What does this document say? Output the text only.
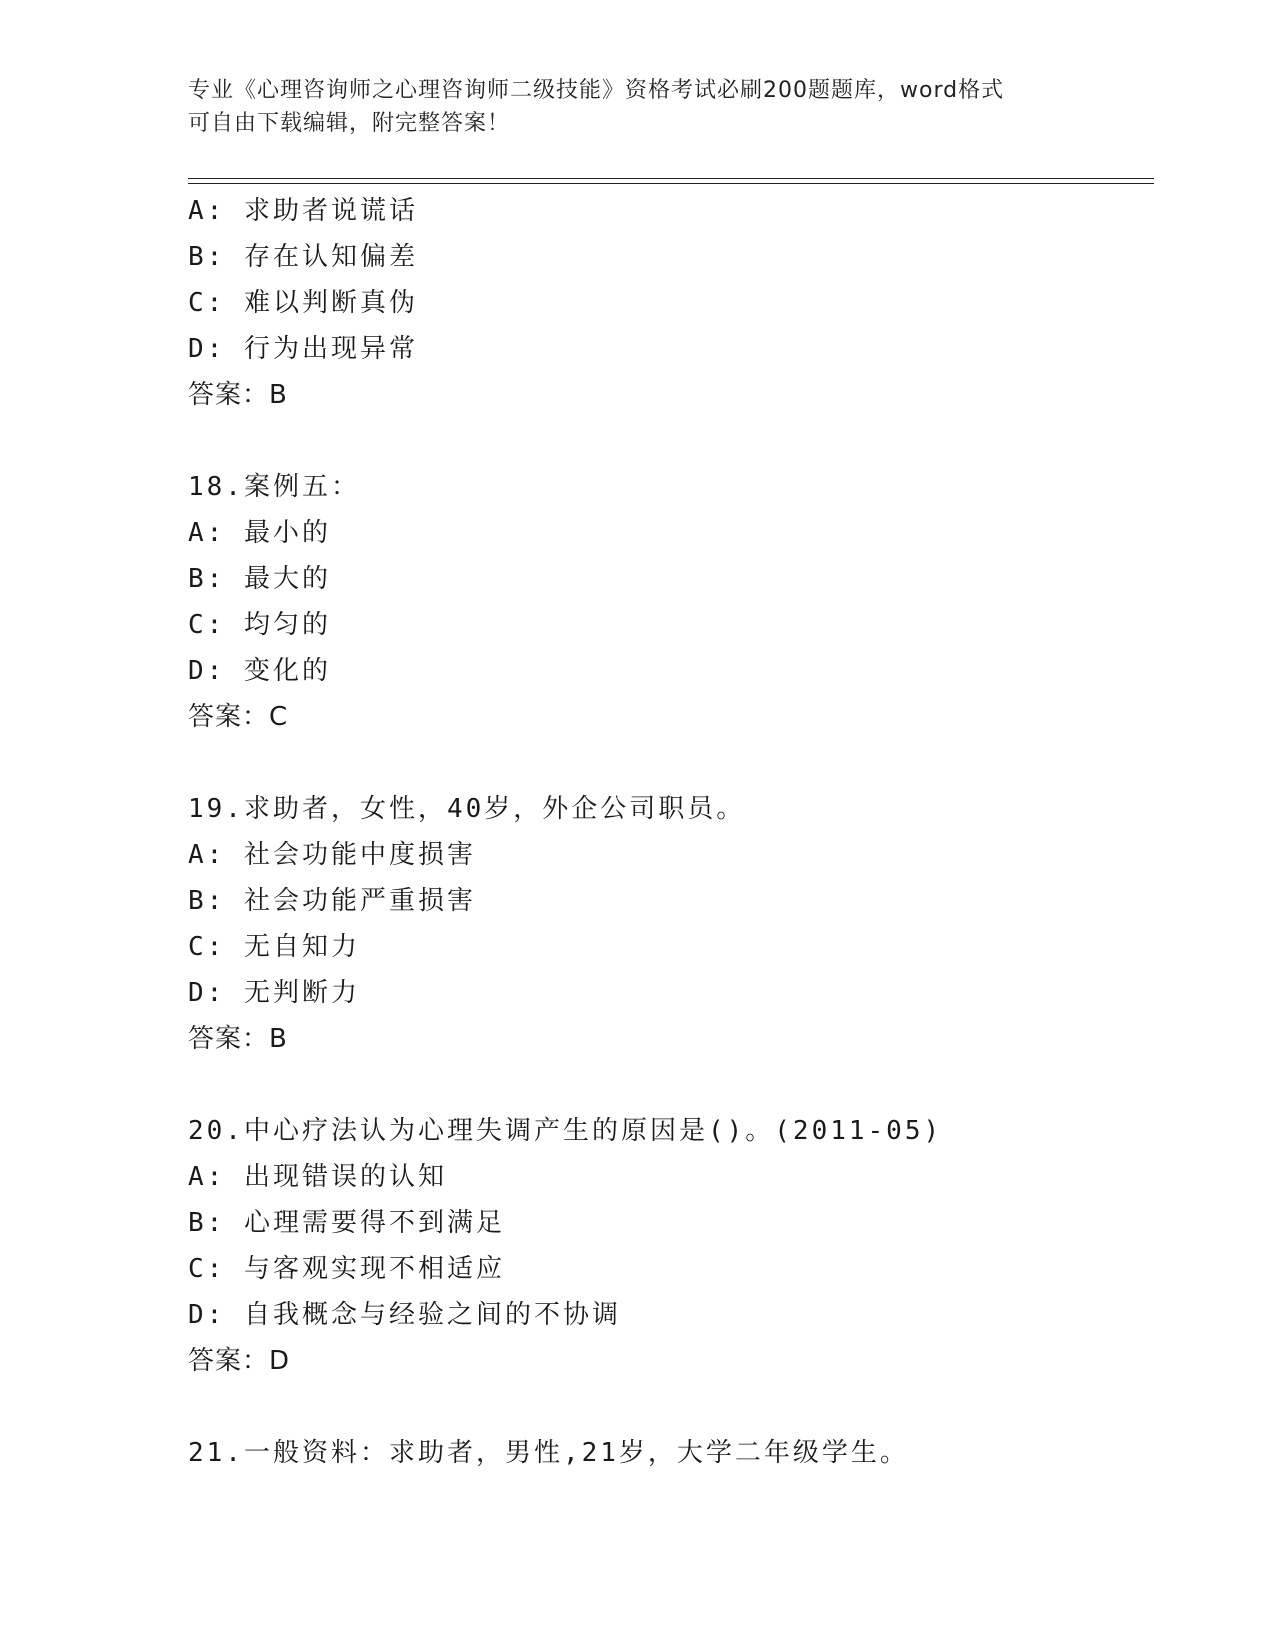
专业《心理咨询师之心理咨询师二级技能》资格考试必刷200题题库，word格式
可自由下载编辑，附完整答案！
A: 求助者说谎话
B: 存在认知偏差
C: 难以判断真伪
D: 行为出现异常
答案：B
18.案例五：
A: 最小的
B: 最大的
C: 均匀的
D: 变化的
答案：C
19.求助者，女性，40岁，外企公司职员。
A: 社会功能中度损害
B: 社会功能严重损害
C: 无自知力
D: 无判断力
答案：B
20.中心疗法认为心理失调产生的原因是()。(2011-05)
A: 出现错误的认知
B: 心理需要得不到满足
C: 与客观实现不相适应
D: 自我概念与经验之间的不协调
答案：D
21.一般资料：求助者，男性,21岁，大学二年级学生。
